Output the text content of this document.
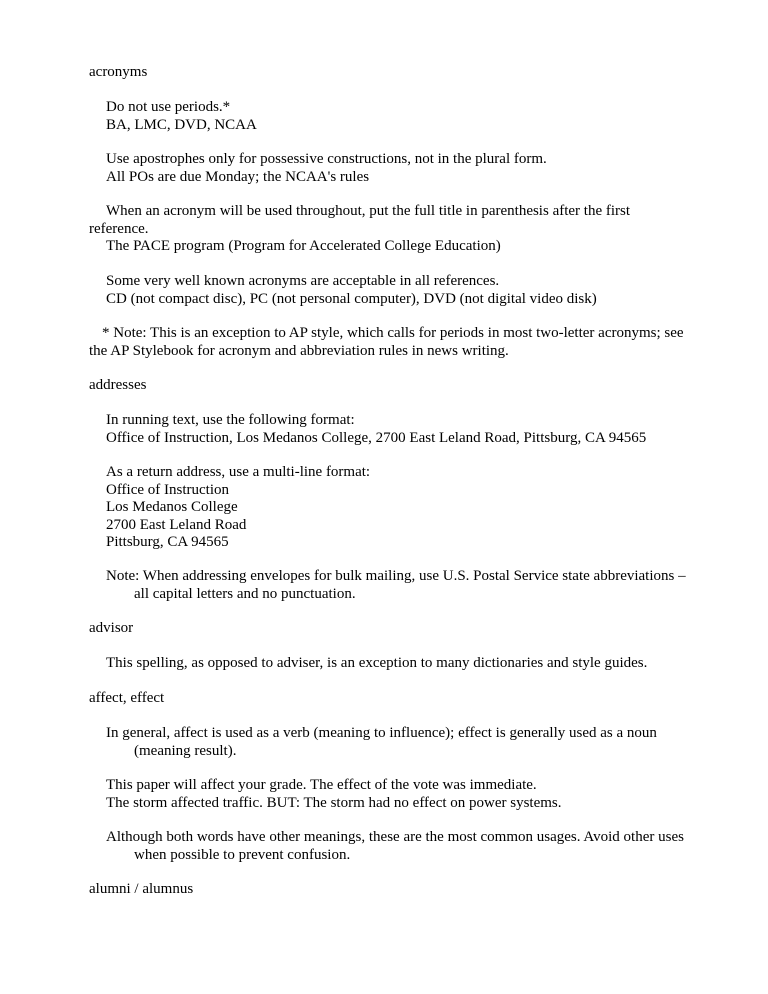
acronyms

Do not use periods.*

BA, LMC, DVD, NCAA

Use apostrophes only for possessive constructions, not in the plural form.

All POs are due Monday; the NCAA's rules

When an acronym will be used throughout, put the full title in parenthesis after the first reference.

The PACE program (Program for Accelerated College Education)

Some very well known acronyms are acceptable in all references.

CD (not compact disc), PC (not personal computer), DVD (not digital video disk)

* Note: This is an exception to AP style, which calls for periods in most two-letter acronyms; see the AP Stylebook for acronym and abbreviation rules in news writing.
addresses

In running text, use the following format:

Office of Instruction, Los Medanos College, 2700 East Leland Road, Pittsburg, CA 94565

As a return address, use a multi-line format:

Office of Instruction

Los Medanos College

2700 East Leland Road

Pittsburg, CA 94565

Note: When addressing envelopes for bulk mailing, use U.S. Postal Service state abbreviations – all capital letters and no punctuation.

advisor

This spelling, as opposed to adviser, is an exception to many dictionaries and style guides.

affect, effect

In general, affect is used as a verb (meaning to influence); effect is generally used as a noun (meaning result).

This paper will affect your grade. The effect of the vote was immediate.

The storm affected traffic. BUT: The storm had no effect on power systems.

Although both words have other meanings, these are the most common usages. Avoid other uses when possible to prevent confusion.

alumni / alumnus
